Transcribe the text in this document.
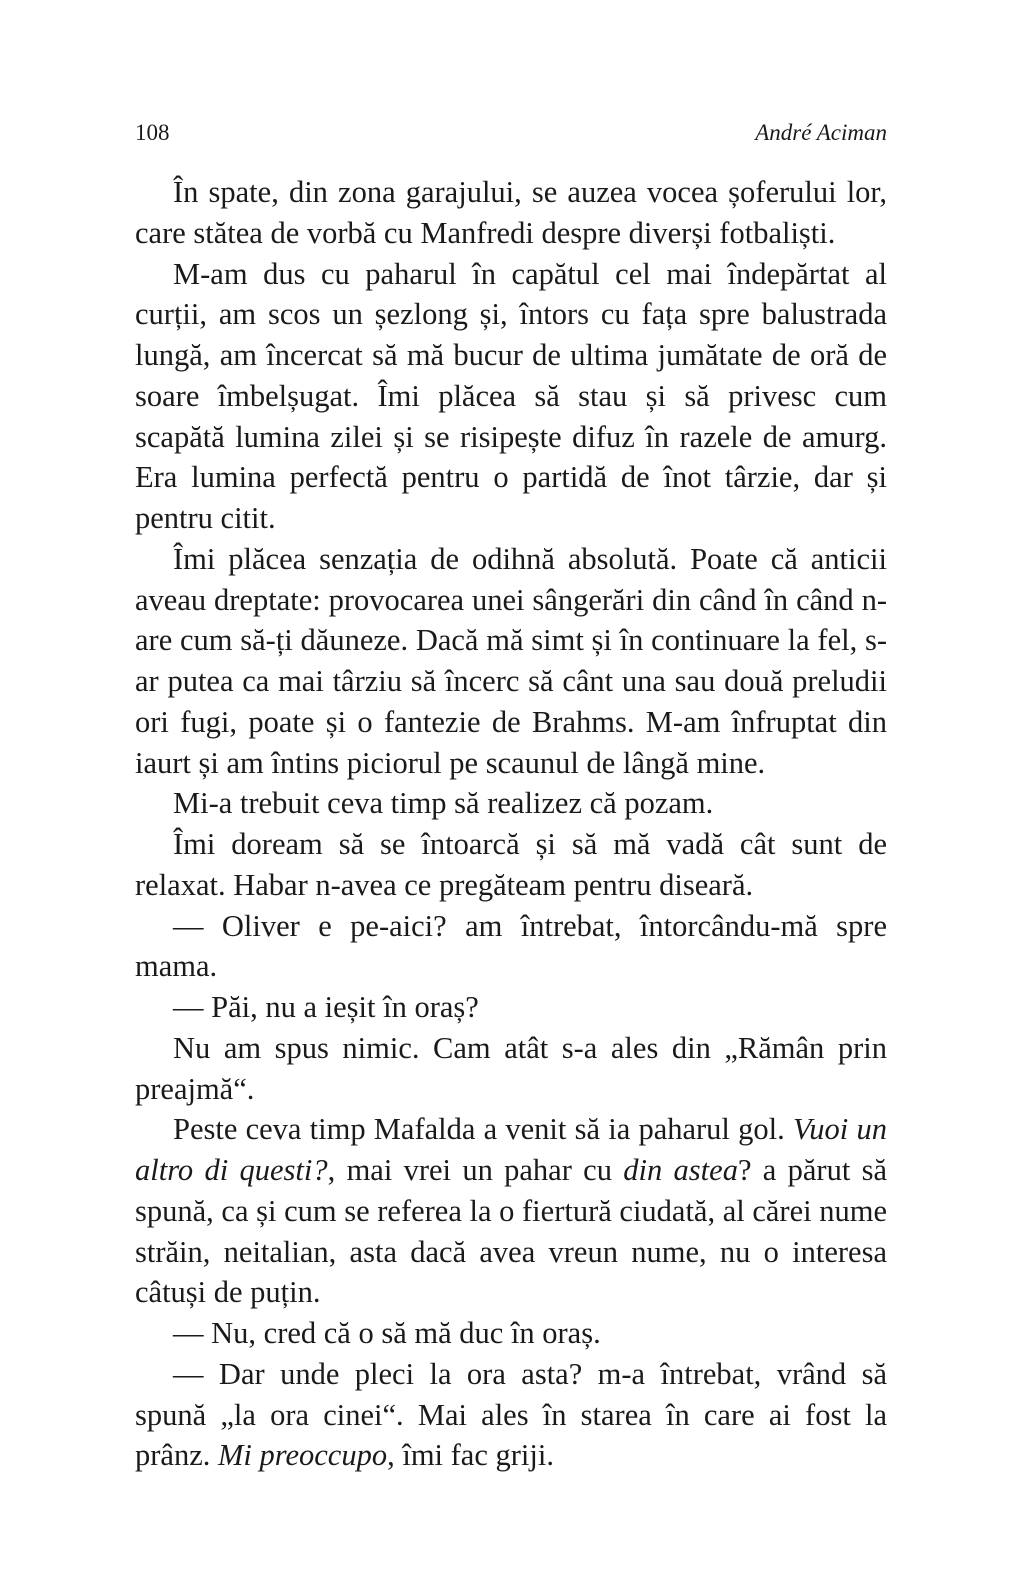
108	André Aciman

În spate, din zona garajului, se auzea vocea șoferului lor, care stătea de vorbă cu Manfredi despre diverși fotbaliști.

M-am dus cu paharul în capătul cel mai îndepărtat al curții, am scos un șezlong și, întors cu fața spre balustrada lungă, am încercat să mă bucur de ultima jumătate de oră de soare îmbelșugat. Îmi plăcea să stau și să privesc cum scapătă lumina zilei și se risipește difuz în razele de amurg. Era lumina perfectă pentru o partidă de înot târzie, dar și pentru citit.

Îmi plăcea senzația de odihnă absolută. Poate că anticii aveau dreptate: provocarea unei sângerări din când în când n-are cum să-ți dăuneze. Dacă mă simt și în continuare la fel, s-ar putea ca mai târziu să încerc să cânt una sau două preludii ori fugi, poate și o fantezie de Brahms. M-am înfruptat din iaurt și am întins piciorul pe scaunul de lângă mine.

Mi-a trebuit ceva timp să realizez că pozam.

Îmi doream să se întoarcă și să mă vadă cât sunt de relaxat. Habar n-avea ce pregăteam pentru diseară.

— Oliver e pe-aici? am întrebat, întorcându-mă spre mama.

— Păi, nu a ieșit în oraș?

Nu am spus nimic. Cam atât s-a ales din „Rămân prin preajmă“.

Peste ceva timp Mafalda a venit să ia paharul gol. Vuoi un altro di questi?, mai vrei un pahar cu din astea? a părut să spună, ca și cum se referea la o fiertură ciudată, al cărei nume străin, neitalian, asta dacă avea vreun nume, nu o interesa câtuși de puțin.

— Nu, cred că o să mă duc în oraș.

— Dar unde pleci la ora asta? m-a întrebat, vrând să spună „la ora cinei“. Mai ales în starea în care ai fost la prânz. Mi preoccupo, îmi fac griji.
